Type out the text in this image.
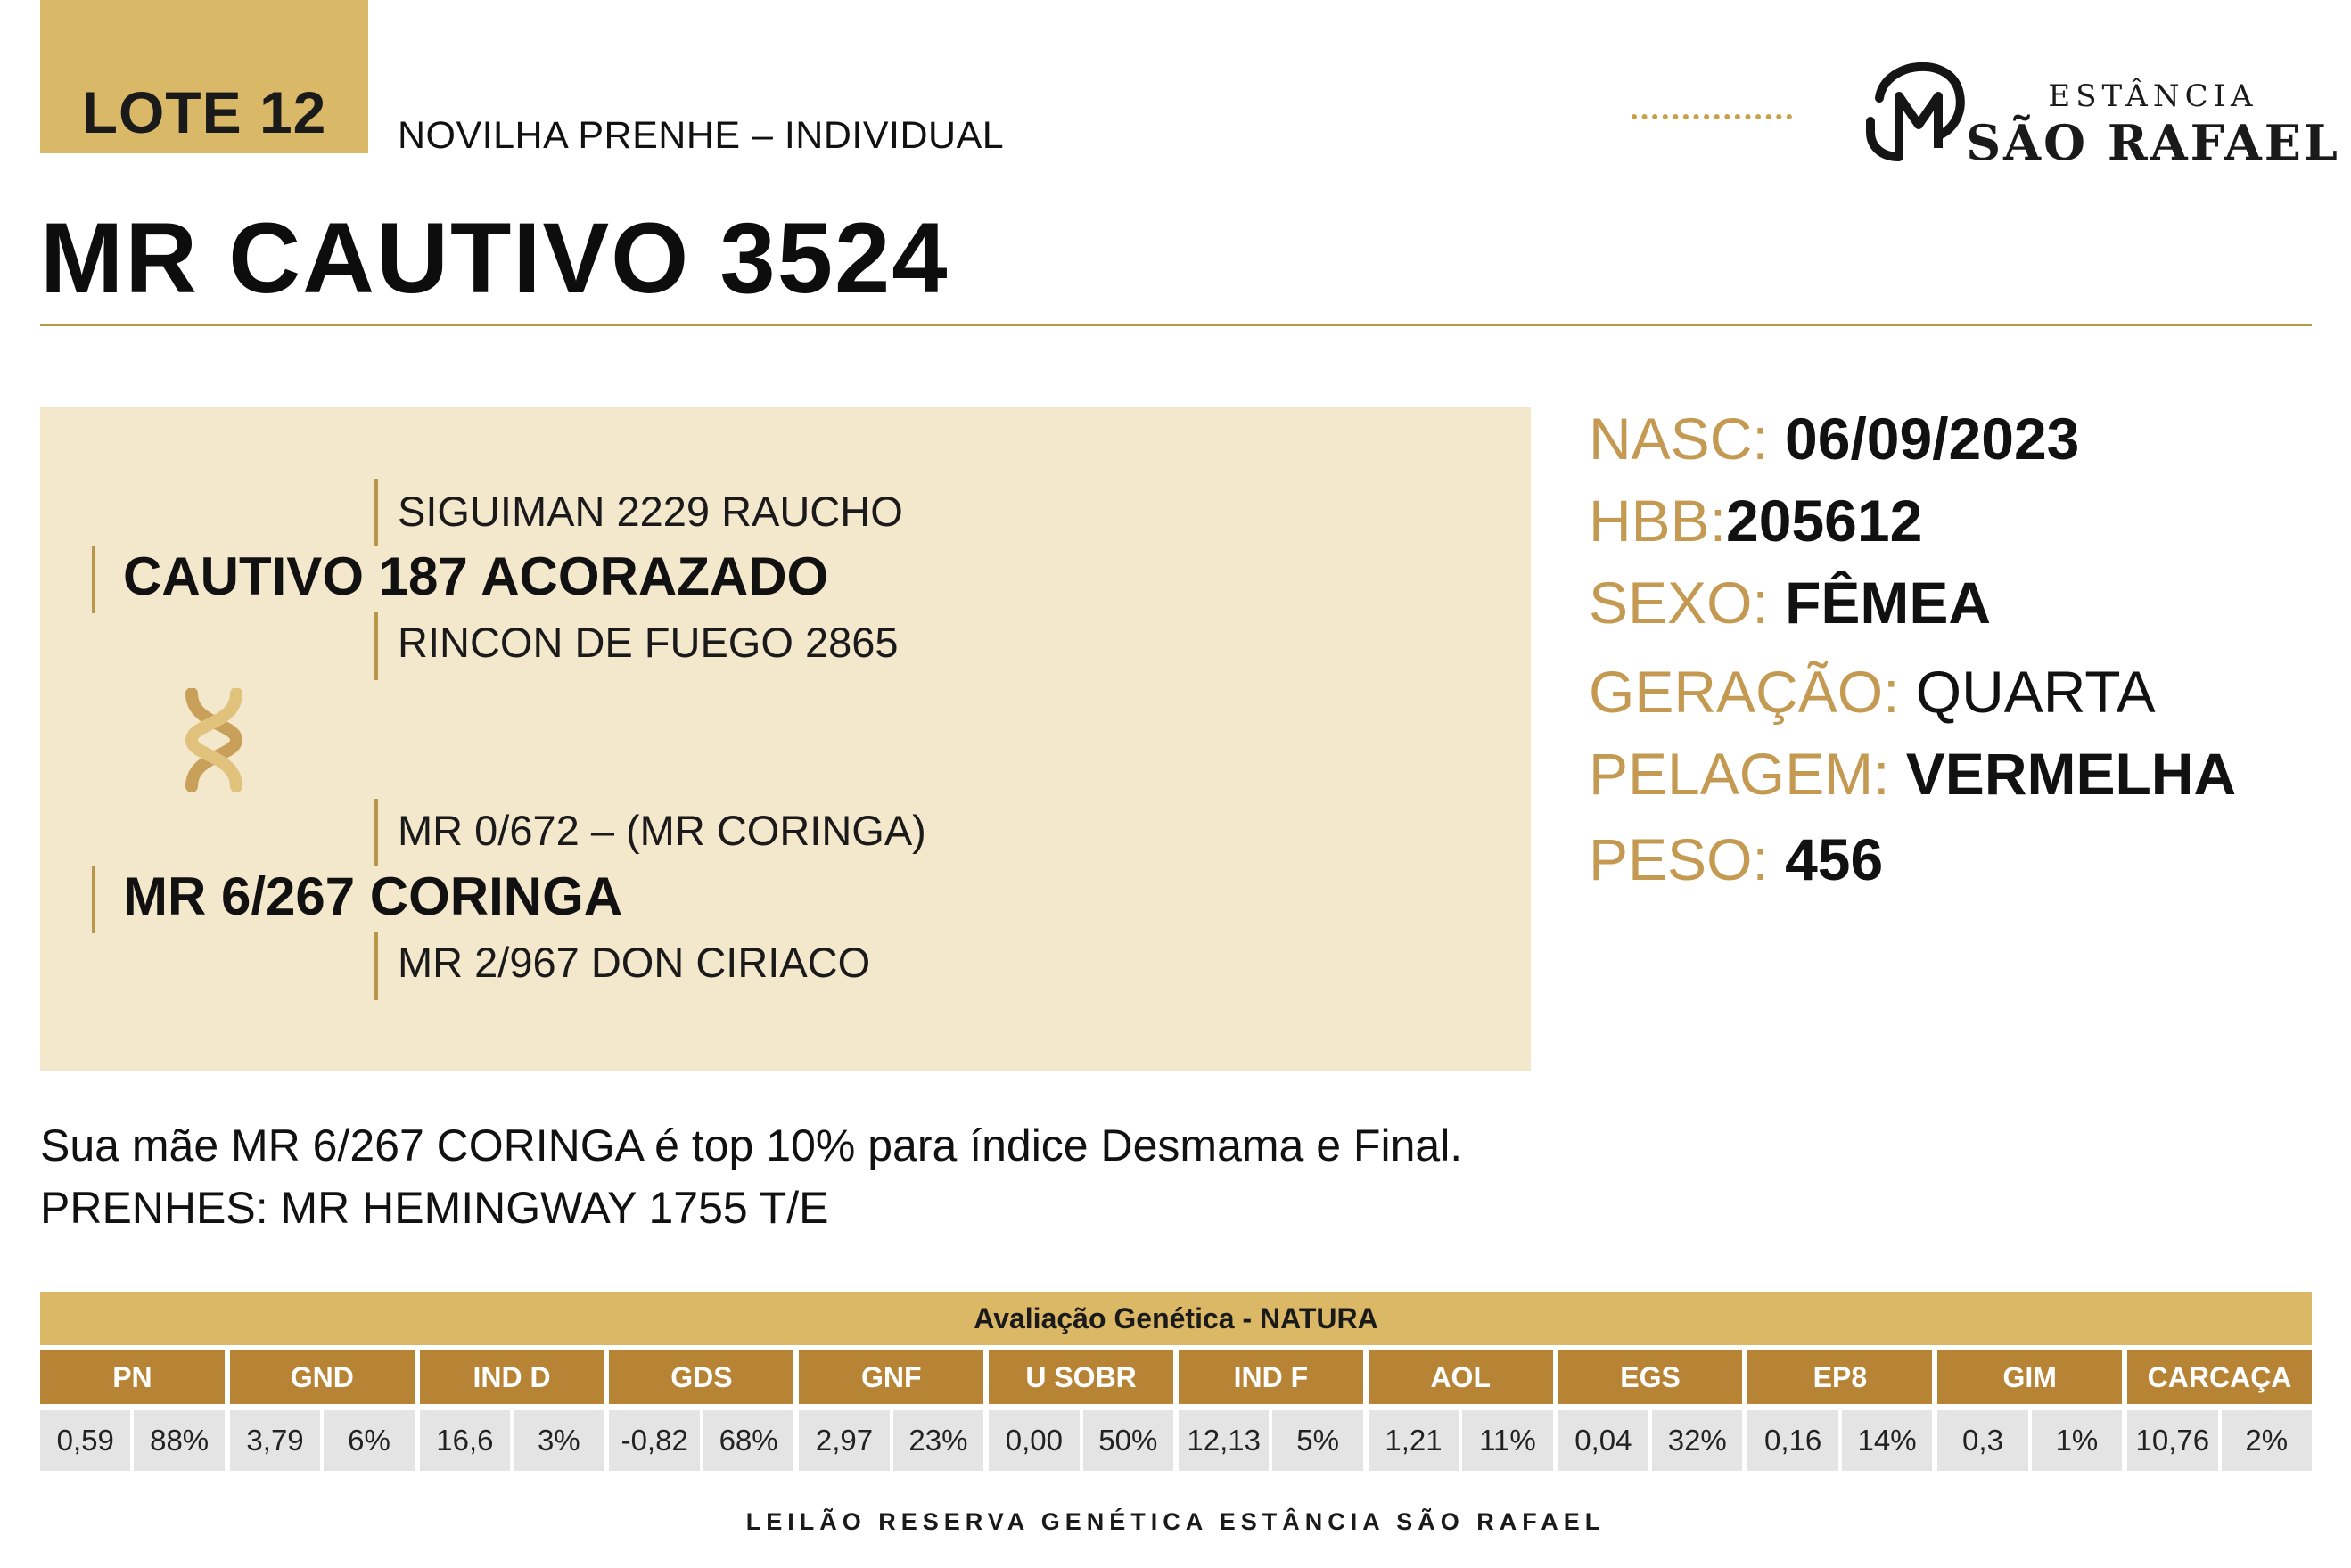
LOTE 12	NOVILHA PRENHE – INDIVIDUAL
ESTÂNCIA
SÃO RAFAEL
MR CAUTIVO 3524
SIGUIMAN 2229 RAUCHO
CAUTIVO 187 ACORAZADO
RINCON DE FUEGO 2865
MR 0/672 – (MR CORINGA)
MR 6/267 CORINGA
MR 2/967 DON CIRIACO
NASC: 06/09/2023
HBB:205612
SEXO: FÊMEA
GERAÇÃO: QUARTA
PELAGEM: VERMELHA
PESO: 456
Sua mãe MR 6/267 CORINGA é top 10% para índice Desmama e Final.
PRENHES: MR HEMINGWAY 1755 T/E
Avaliação Genética - NATURA
PN	GND	IND D	GDS	GNF	U SOBR	IND F	AOL	EGS	EP8	GIM	CARCAÇA
0,59	88%	3,79	6%	16,6	3%	-0,82	68%	2,97	23%	0,00	50%	12,13	5%	1,21	11%	0,04	32%	0,16	14%	0,3	1%	10,76	2%
LEILÃO RESERVA GENÉTICA ESTÂNCIA SÃO RAFAEL
